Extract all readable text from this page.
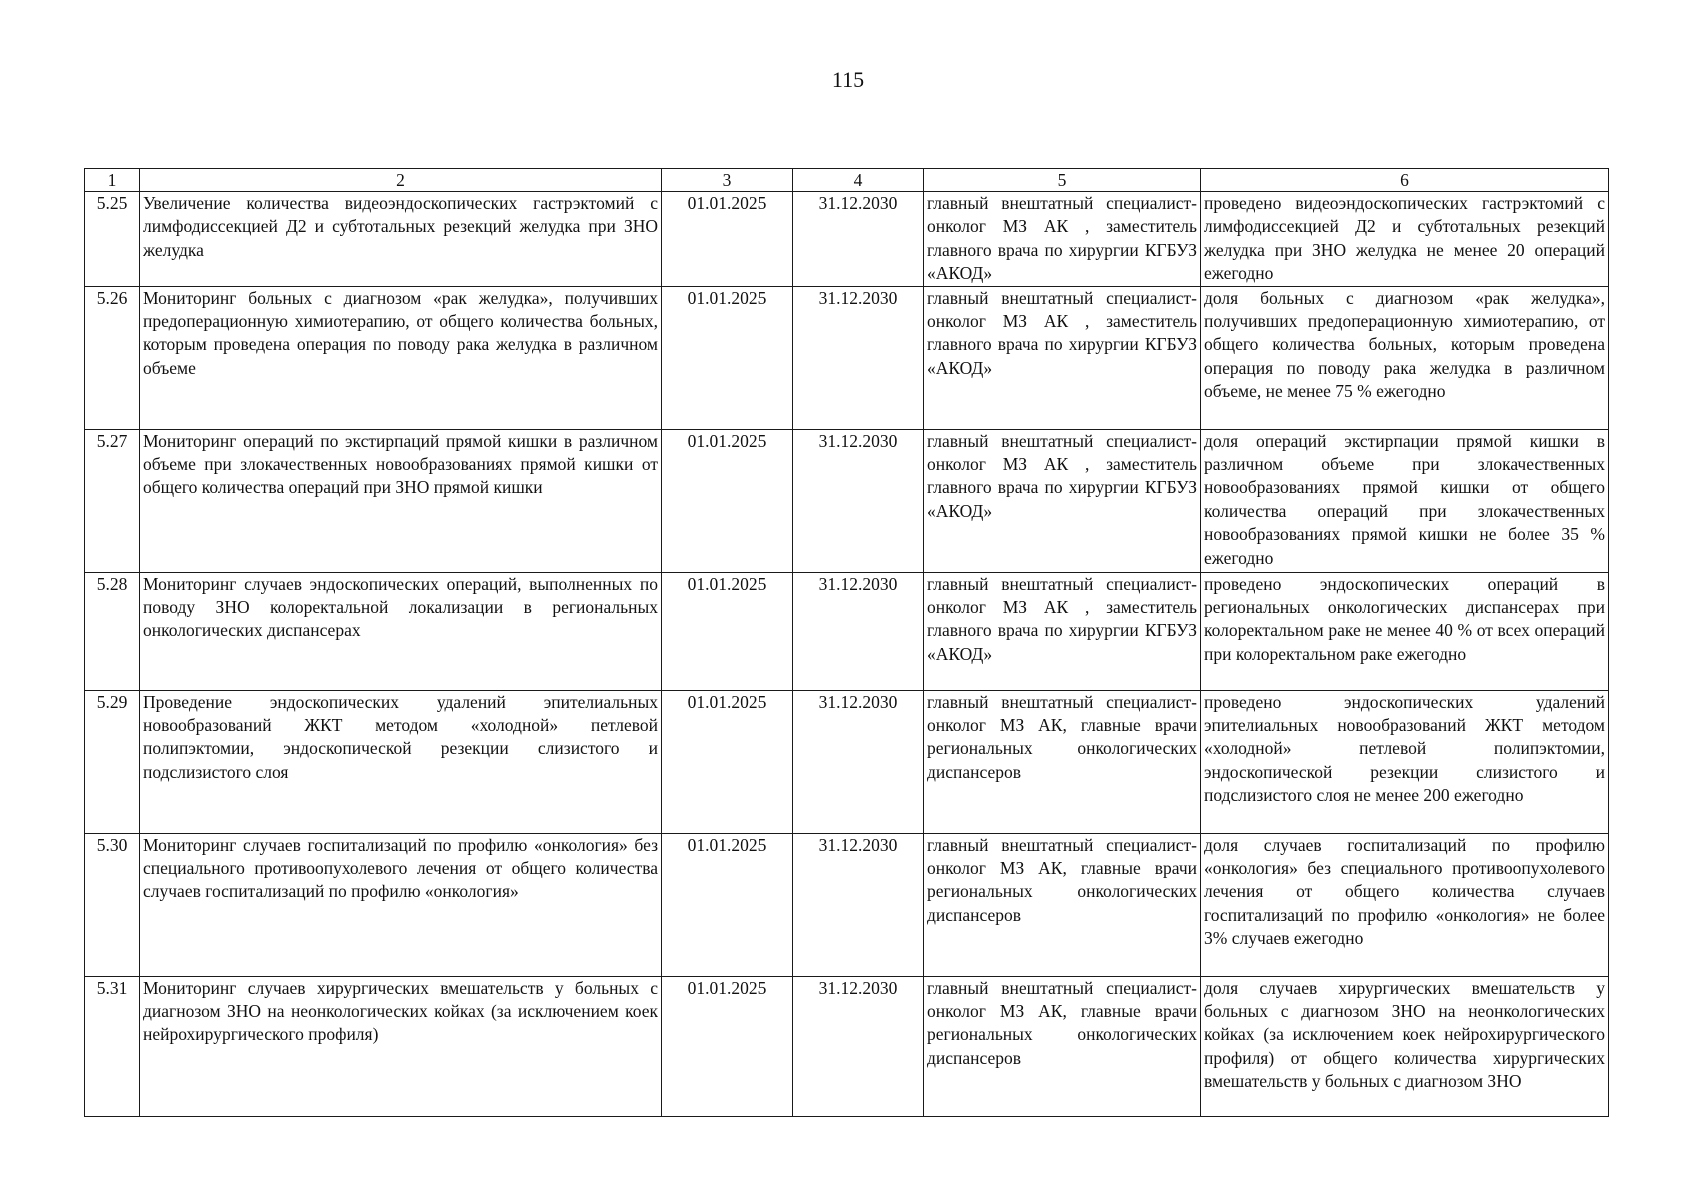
115
1	2	3	4	5	6
5.25	Увеличение количества видеоэндоскопических гастрэктомий с лимфодиссекцией Д2 и субтотальных резекций желудка при ЗНО желудка	01.01.2025	31.12.2030	главный внештатный специалист-онколог МЗ АК , заместитель главного врача по хирургии КГБУЗ «АКОД»	проведено видеоэндоскопических гастрэктомий с лимфодиссекцией Д2 и субтотальных резекций желудка при ЗНО желудка не менее 20 операций ежегодно
5.26	Мониторинг больных с диагнозом «рак желудка», получивших предоперационную химиотерапию, от общего количества больных, которым проведена операция по поводу рака желудка в различном объеме	01.01.2025	31.12.2030	главный внештатный специалист-онколог МЗ АК , заместитель главного врача по хирургии КГБУЗ «АКОД»	доля больных с диагнозом «рак желудка», получивших предоперационную химиотерапию, от общего количества больных, которым проведена операция по поводу рака желудка в различном объеме, не менее 75 % ежегодно
5.27	Мониторинг операций по экстирпаций прямой кишки в различном объеме при злокачественных новообразованиях прямой кишки от общего количества операций при ЗНО прямой кишки	01.01.2025	31.12.2030	главный внештатный специалист-онколог МЗ АК , заместитель главного врача по хирургии КГБУЗ «АКОД»	доля операций экстирпации прямой кишки в различном объеме при злокачественных новообразованиях прямой кишки от общего количества операций при злокачественных новообразованиях прямой кишки не более 35 % ежегодно
5.28	Мониторинг случаев эндоскопических операций, выполненных по поводу ЗНО колоректальной локализации в региональных онкологических диспансерах	01.01.2025	31.12.2030	главный внештатный специалист-онколог МЗ АК , заместитель главного врача по хирургии КГБУЗ «АКОД»	проведено эндоскопических операций в региональных онкологических диспансерах при колоректальном раке не менее 40 % от всех операций при колоректальном раке ежегодно
5.29	Проведение эндоскопических удалений эпителиальных новообразований ЖКТ методом «холодной» петлевой полипэктомии, эндоскопической резекции слизистого и подслизистого слоя	01.01.2025	31.12.2030	главный внештатный специалист-онколог МЗ АК, главные врачи региональных онкологических диспансеров	проведено эндоскопических удалений эпителиальных новообразований ЖКТ методом «холодной» петлевой полипэктомии, эндоскопической резекции слизистого и подслизистого слоя не менее 200 ежегодно
5.30	Мониторинг случаев госпитализаций по профилю «онкология» без специального противоопухолевого лечения от общего количества случаев госпитализаций по профилю «онкология»	01.01.2025	31.12.2030	главный внештатный специалист-онколог МЗ АК, главные врачи региональных онкологических диспансеров	доля случаев госпитализаций по профилю «онкология» без специального противоопухолевого лечения от общего количества случаев госпитализаций по профилю «онкология» не более 3% случаев ежегодно
5.31	Мониторинг случаев хирургических вмешательств у больных с диагнозом ЗНО на неонкологических койках (за исключением коек нейрохирургического профиля)	01.01.2025	31.12.2030	главный внештатный специалист-онколог МЗ АК, главные врачи региональных онкологических диспансеров	доля случаев хирургических вмешательств у больных с диагнозом ЗНО на неонкологических койках (за исключением коек нейрохирургического профиля) от общего количества хирургических вмешательств у больных с диагнозом ЗНО
